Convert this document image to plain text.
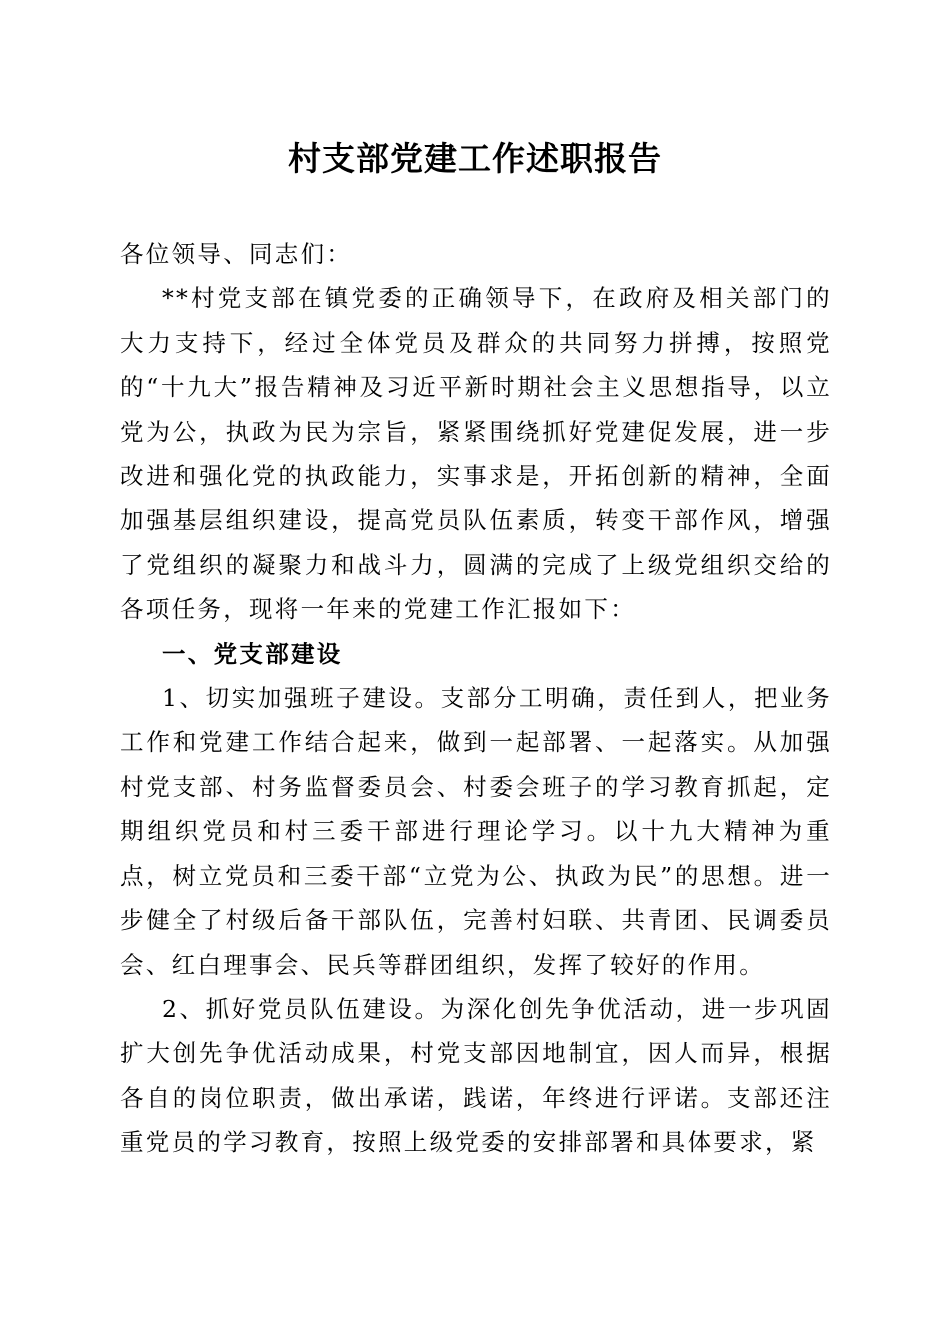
村支部党建工作述职报告

各位领导、同志们：

**村党支部在镇党委的正确领导下，在政府及相关部门的大力支持下，经过全体党员及群众的共同努力拼搏，按照党的“十九大”报告精神及习近平新时期社会主义思想指导，以立党为公，执政为民为宗旨，紧紧围绕抓好党建促发展，进一步改进和强化党的执政能力，实事求是，开拓创新的精神，全面加强基层组织建设，提高党员队伍素质，转变干部作风，增强了党组织的凝聚力和战斗力，圆满的完成了上级党组织交给的各项任务，现将一年来的党建工作汇报如下：

一、党支部建设

1、切实加强班子建设。支部分工明确，责任到人，把业务工作和党建工作结合起来，做到一起部署、一起落实。从加强村党支部、村务监督委员会、村委会班子的学习教育抓起，定期组织党员和村三委干部进行理论学习。以十九大精神为重点，树立党员和三委干部“立党为公、执政为民”的思想。进一步健全了村级后备干部队伍，完善村妇联、共青团、民调委员会、红白理事会、民兵等群团组织，发挥了较好的作用。

2、抓好党员队伍建设。为深化创先争优活动，进一步巩固扩大创先争优活动成果，村党支部因地制宜，因人而异，根据各自的岗位职责，做出承诺，践诺，年终进行评诺。支部还注重党员的学习教育，按照上级党委的安排部署和具体要求，紧
